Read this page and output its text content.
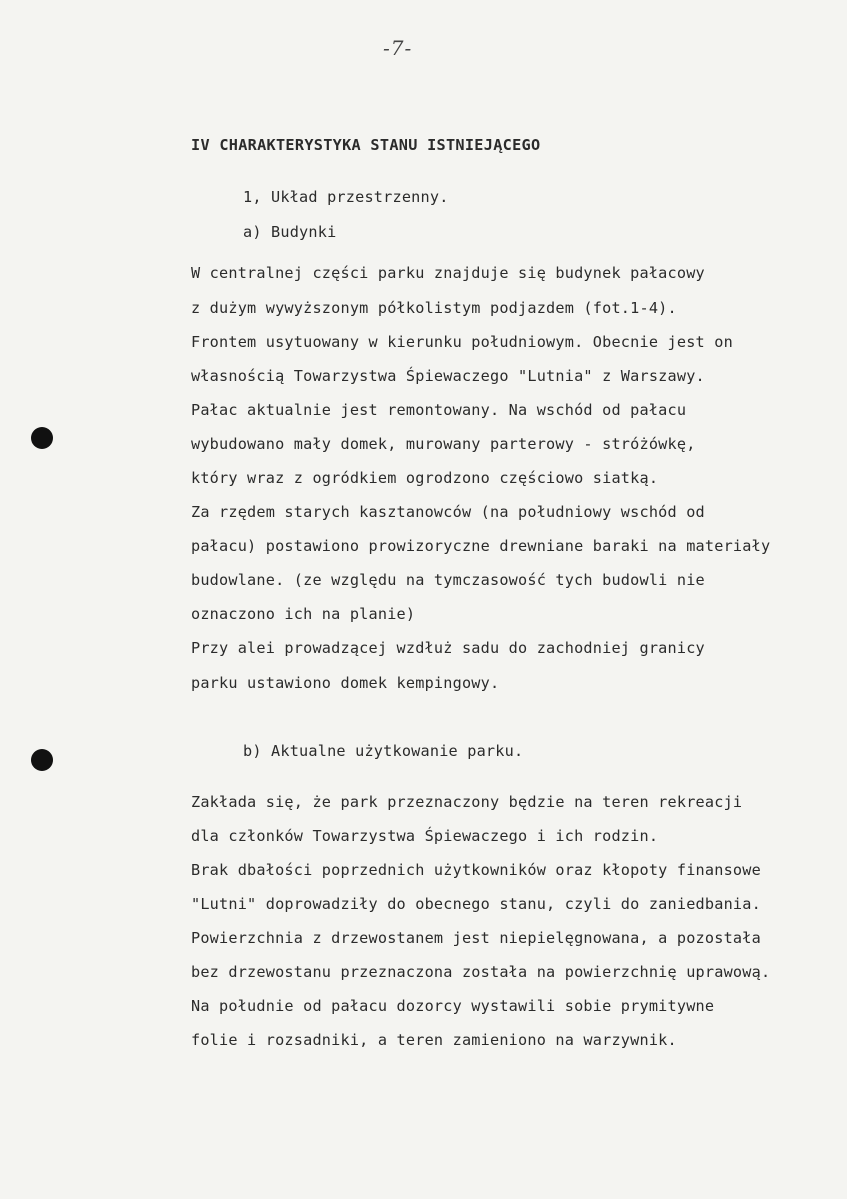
-7-
IV CHARAKTERYSTYKA STANU ISTNIEJĄCEGO
1, Układ przestrzenny.
a) Budynki
W centralnej części parku znajduje się budynek pałacowy
z dużym wywyższonym półkolistym podjazdem (fot.1-4).
Frontem usytuowany w kierunku południowym. Obecnie jest on
własnością Towarzystwa Śpiewaczego "Lutnia" z Warszawy.
Pałac aktualnie jest remontowany. Na wschód od pałacu
wybudowano mały domek, murowany parterowy - stróżówkę,
który wraz z ogródkiem ogrodzono częściowo siatką.
Za rzędem starych kasztanowców (na południowy wschód od
pałacu) postawiono prowizoryczne drewniane baraki na materiały
budowlane. (ze względu na tymczasowość tych budowli nie
oznaczono ich na planie)
Przy alei prowadzącej wzdłuż sadu do zachodniej granicy
parku ustawiono domek kempingowy.
b) Aktualne użytkowanie parku.
Zakłada się, że park przeznaczony będzie na teren rekreacji
dla członków Towarzystwa Śpiewaczego i ich rodzin.
Brak dbałości poprzednich użytkowników oraz kłopoty finansowe
"Lutni" doprowadziły do obecnego stanu, czyli do zaniedbania.
Powierzchnia z drzewostanem jest niepielęgnowana, a pozostała
bez drzewostanu przeznaczona została na powierzchnię uprawową.
Na południe od pałacu dozorcy wystawili sobie prymitywne
folie i rozsadniki, a teren zamieniono na warzywnik.
